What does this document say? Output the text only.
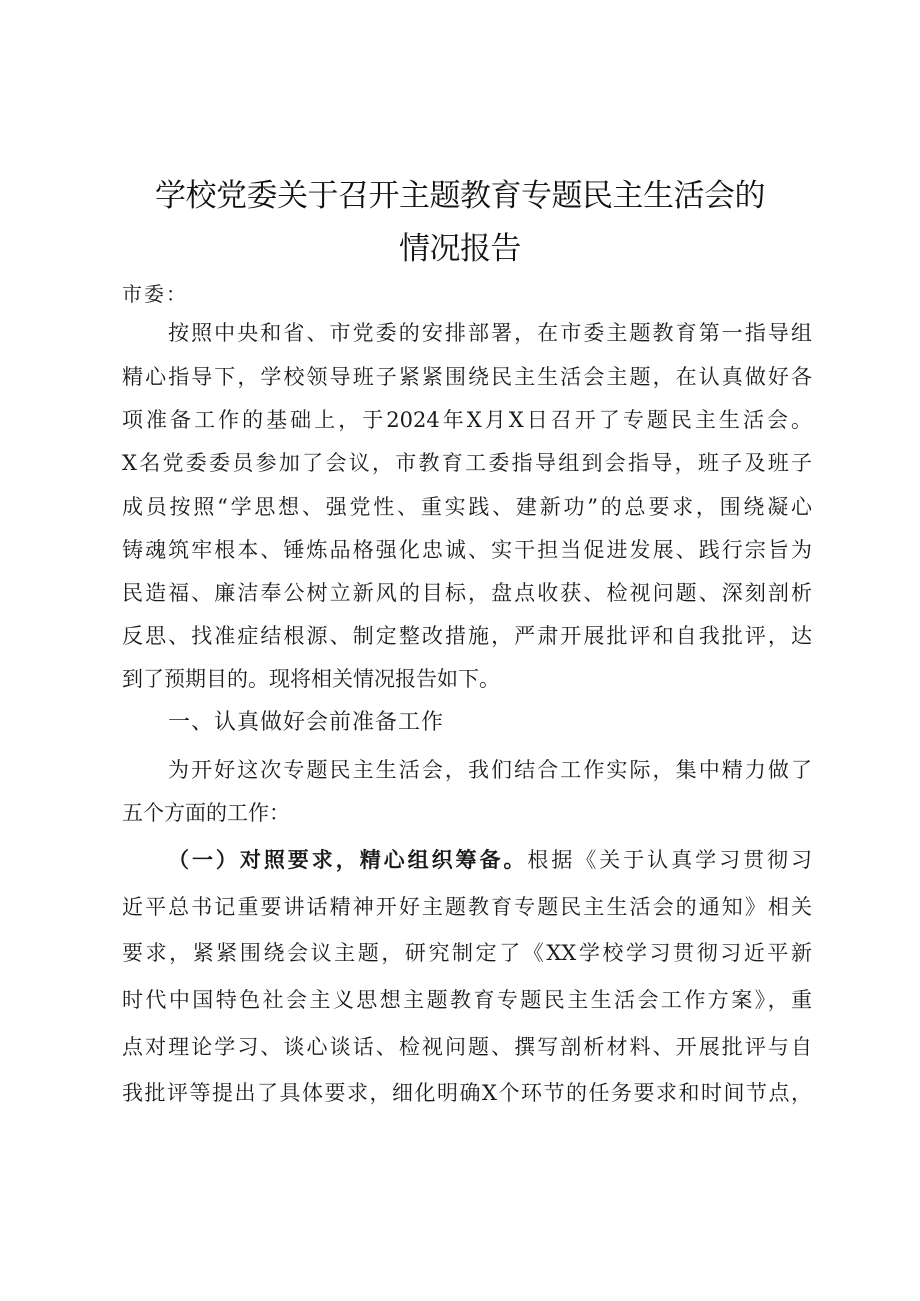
学校党委关于召开主题教育专题民主生活会的
情况报告

市委：

按照中央和省、市党委的安排部署，在市委主题教育第一指导组

精心指导下，学校领导班子紧紧围绕民主生活会主题，在认真做好各

项准备工作的基础上，于2024年X月X日召开了专题民主生活会。

X名党委委员参加了会议，市教育工委指导组到会指导，班子及班子

成员按照“学思想、强党性、重实践、建新功”的总要求，围绕凝心

铸魂筑牢根本、锤炼品格强化忠诚、实干担当促进发展、践行宗旨为

民造福、廉洁奉公树立新风的目标，盘点收获、检视问题、深刻剖析

反思、找准症结根源、制定整改措施，严肃开展批评和自我批评，达

到了预期目的。现将相关情况报告如下。

一、认真做好会前准备工作

为开好这次专题民主生活会，我们结合工作实际，集中精力做了

五个方面的工作：

（一）对照要求，精心组织筹备。根据《关于认真学习贯彻习

近平总书记重要讲话精神开好主题教育专题民主生活会的通知》相关

要求，紧紧围绕会议主题，研究制定了《XX学校学习贯彻习近平新

时代中国特色社会主义思想主题教育专题民主生活会工作方案》，重

点对理论学习、谈心谈话、检视问题、撰写剖析材料、开展批评与自

我批评等提出了具体要求，细化明确X个环节的任务要求和时间节点，
